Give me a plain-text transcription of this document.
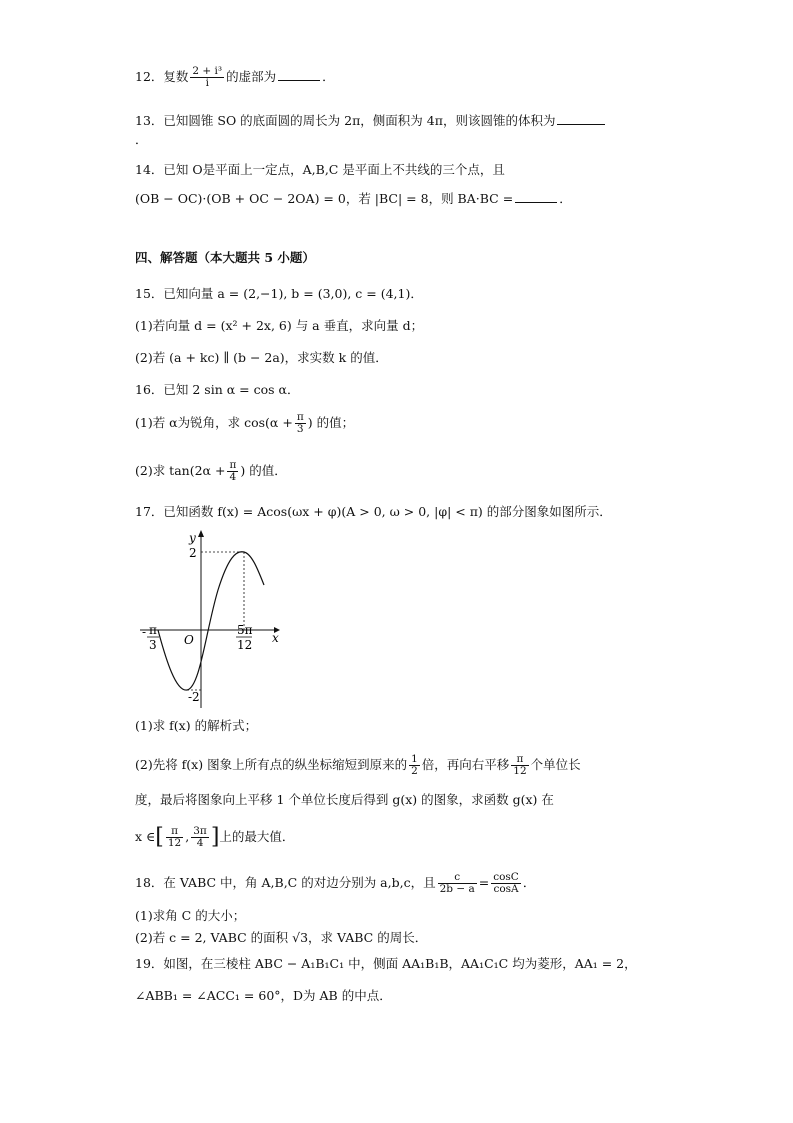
12．复数 $\frac{\text{2 + i³}}{i}$ 的虚部为	．
13．已知圆锥 SO 的底面圆的周长为 2π，侧面积为 4π，则该圆锥的体积为
．
14．已知 O是平面上一定点，A,B,C 是平面上不共线的三个点，且
(OB − OC)·(OB + OC − 2OA) = 0，若 |BC| = 8，则 BA·BC =	．
四、解答题（本大题共 5 小题）
15．已知向量 a = (2,−1), b = (3,0), c = (4,1)．
(1)若向量 d = (x² + 2x, 6) 与 a 垂直，求向量 d；
(2)若 (a + kc) ∥ (b − 2a)，求实数 k 的值．
16．已知 2 sin α = cos α．
(1)若 α为锐角，求 $\cos(\alpha + \frac{\pi}{3}$ ) 的值；
(2)求 $\tan(2\alpha + \frac{\pi}{4}$ ) 的值．
17．已知函数 f(x) = Acos(ωx + φ)(A > 0, ω > 0, |φ| < π) 的部分图象如图所示．
y
x
O
2
-2
- π
3
5π
12
(1)求 f(x) 的解析式；
(2)先将 f(x) 图象上所有点的纵坐标缩短到原来的 $\frac{1}{2}$ 倍，再向右平移 $\frac{\pi}{12}$ 个单位长
度，最后将图象向上平移 1 个单位长度后得到 g(x) 的图象，求函数 g(x) 在
x ∈[ $\frac{\pi}{12}$ , $\frac{3\pi}{4}$ ]上的最大值．
18．在 VABC 中，角 A,B,C 的对边分别为 a,b,c，且 $\frac{c}{2b - a} = \frac{\cos C}{\cos A}$ ．
(1)求角 C 的大小；
(2)若 c = 2, VABC 的面积 √3，求 VABC 的周长．
19．如图，在三棱柱 ABC − A₁B₁C₁ 中，侧面 AA₁B₁B，AA₁C₁C 均为菱形，AA₁ = 2，
∠ABB₁ = ∠ACC₁ = 60°，D为 AB 的中点．
